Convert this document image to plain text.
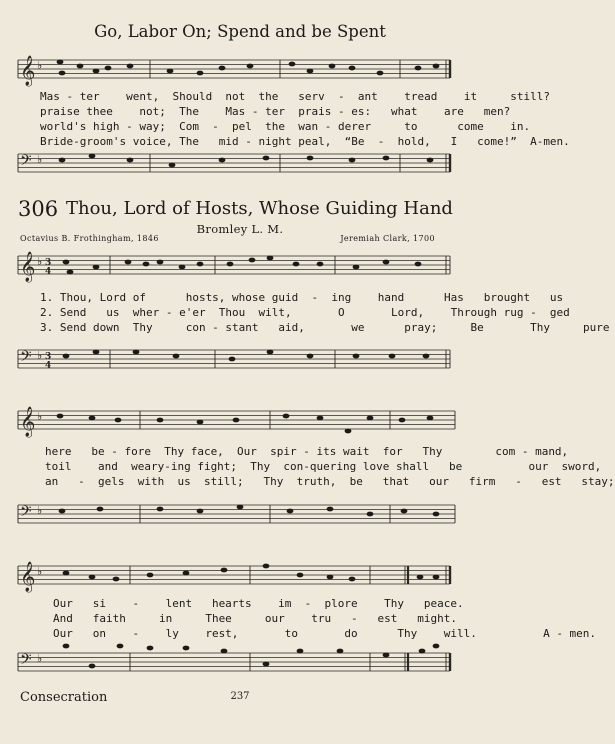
𝄞
𝄢
𝄞
𝄢
𝄞
𝄢
𝄞
𝄢
♭
♭
♭ 3
4
♭ 3
4
♭
♭
♭
♭
Go, Labor On; Spend and be Spent
Mas - ter    went,  Should  not  the   serv  -  ant    tread    it     still?
praise thee    not;  The    Mas - ter  prais - es:   what    are   men?
world's high - way;  Com  -  pel  the  wan - derer     to      come    in.
Bride-groom's voice, The   mid - night peal,  “Be  -  hold,   I   come!”  A-men.
306 Thou, Lord of Hosts, Whose Guiding Hand
Bromley L. M.
Octavius B. Frothingham, 1846	Jeremiah Clark, 1700
1. Thou, Lord of      hosts, whose guid  -  ing    hand      Has   brought   us
2. Send   us  wher - e'er  Thou  wilt,       O       Lord,    Through rug -  ged
3. Send down  Thy     con - stant   aid,       we      pray;     Be       Thy     pure
here   be - fore  Thy face,  Our  spir - its wait  for   Thy        com - mand,
toil    and  weary-ing fight;  Thy  con-quering love shall   be          our  sword,
an   -  gels  with  us  still;   Thy  truth,  be   that   our   firm   -   est   stay;
Our   si    -    lent   hearts    im  -  plore    Thy   peace.
And   faith     in     Thee     our    tru   -   est   might.
Our   on    -    ly    rest,       to       do      Thy    will.          A - men.
Consecration	237
